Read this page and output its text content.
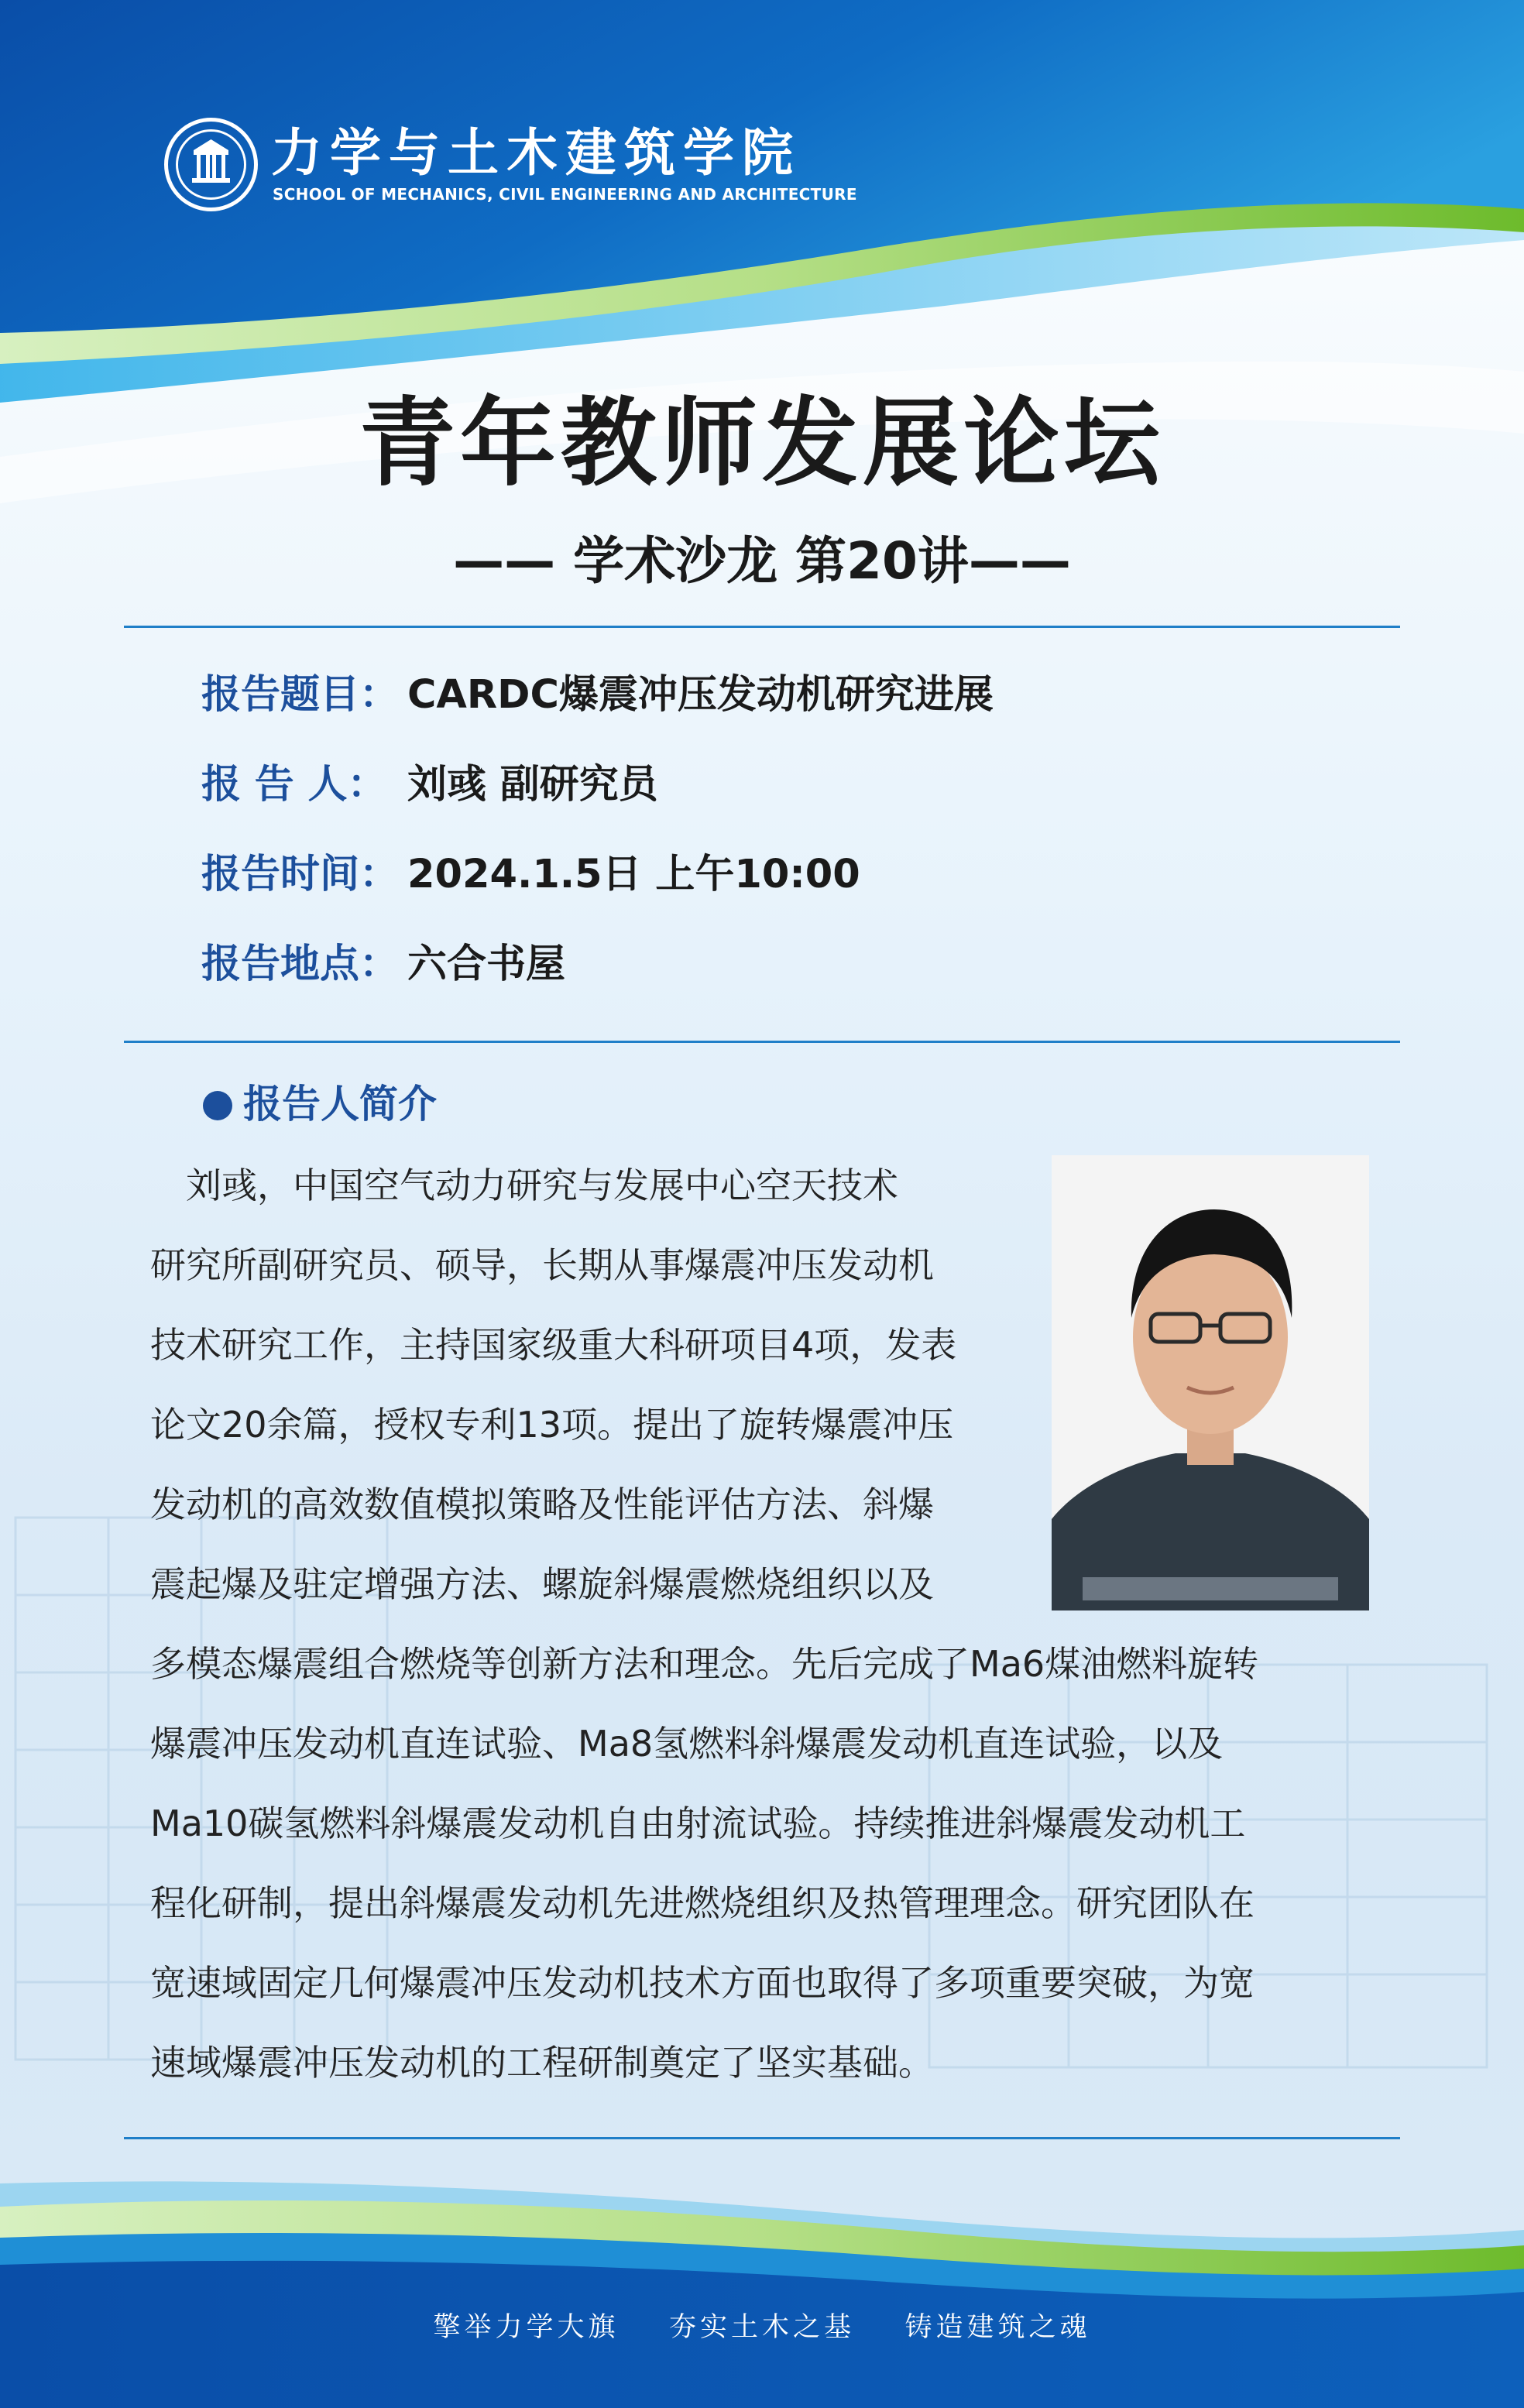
力学与土木建筑学院
SCHOOL OF MECHANICS, CIVIL ENGINEERING AND ARCHITECTURE
青年教师发展论坛
—— 学术沙龙 第20讲——
报告题目： CARDC爆震冲压发动机研究进展
报 告 人： 刘彧 副研究员
报告时间： 2024.1.5日 上午10:00
报告地点： 六合书屋
报告人简介
　刘彧，中国空气动力研究与发展中心空天技术
研究所副研究员、硕导，长期从事爆震冲压发动机
技术研究工作，主持国家级重大科研项目4项，发表
论文20余篇，授权专利13项。提出了旋转爆震冲压
发动机的高效数值模拟策略及性能评估方法、斜爆
震起爆及驻定增强方法、螺旋斜爆震燃烧组织以及
多模态爆震组合燃烧等创新方法和理念。先后完成了Ma6煤油燃料旋转
爆震冲压发动机直连试验、Ma8氢燃料斜爆震发动机直连试验，以及
Ma10碳氢燃料斜爆震发动机自由射流试验。持续推进斜爆震发动机工
程化研制，提出斜爆震发动机先进燃烧组织及热管理理念。研究团队在
宽速域固定几何爆震冲压发动机技术方面也取得了多项重要突破，为宽
速域爆震冲压发动机的工程研制奠定了坚实基础。
擎举力学大旗    夯实土木之基    铸造建筑之魂
